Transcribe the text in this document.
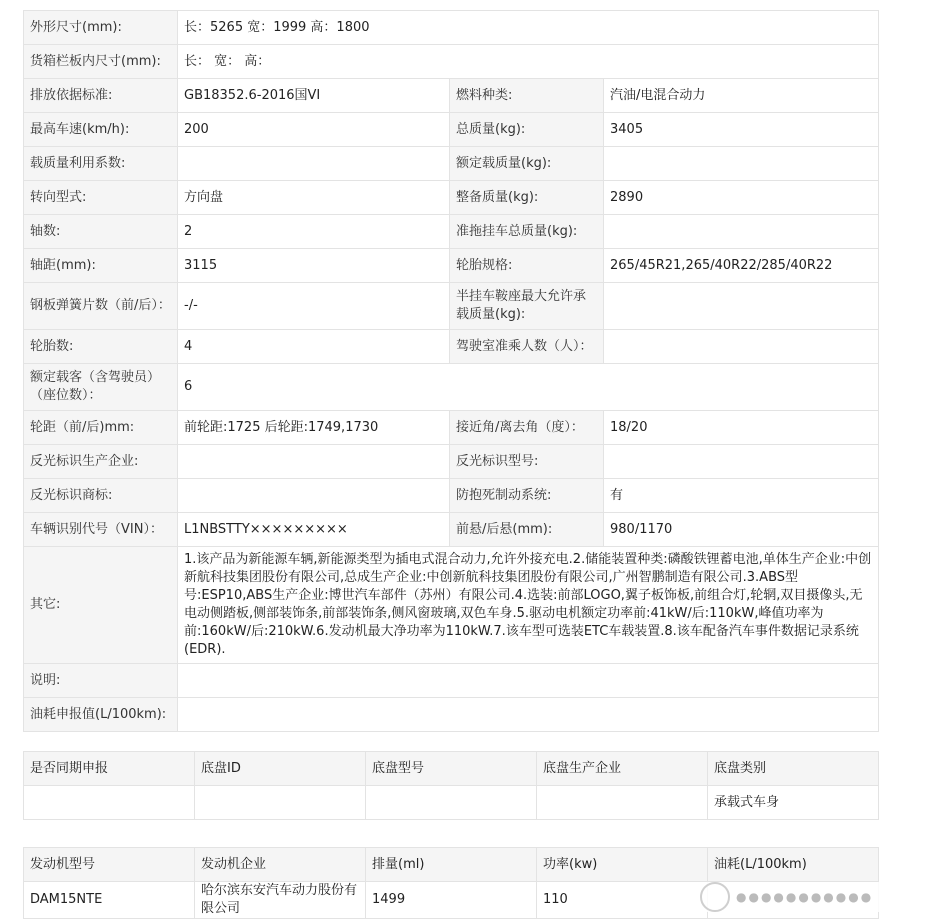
外形尺寸(mm):	长：5265 宽：1999 高：1800		
货箱栏板内尺寸(mm):	长： 宽： 高：		
排放依据标准:	GB18352.6-2016国VI	燃料种类:	汽油/电混合动力
最高车速(km/h):	200	总质量(kg):	3405
载质量利用系数:		额定载质量(kg):	
转向型式:	方向盘	整备质量(kg):	2890
轴数:	2	准拖挂车总质量(kg):	
轴距(mm):	3115	轮胎规格:	265/45R21,265/40R22/285/40R22
钢板弹簧片数（前/后）：	-/-	半挂车鞍座最大允许承载质量(kg):	
轮胎数:	4	驾驶室准乘人数（人）：	
额定载客（含驾驶员）（座位数）：	6		
轮距（前/后)mm:	前轮距:1725 后轮距:1749,1730	接近角/离去角（度）：	18/20
反光标识生产企业:		反光标识型号:	
反光标识商标:		防抱死制动系统:	有
车辆识别代号（VIN）：	L1NBSTTY×××××××××	前悬/后悬(mm):	980/1170
其它:	1.该产品为新能源车辆,新能源类型为插电式混合动力,允许外接充电.2.储能装置种类:磷酸铁锂蓄电池,单体生产企业:中创新航科技集团股份有限公司,总成生产企业:中创新航科技集团股份有限公司,广州智鹏制造有限公司.3.ABS型号:ESP10,ABS生产企业:博世汽车部件（苏州）有限公司.4.选装:前部LOGO,翼子板饰板,前组合灯,轮辋,双目摄像头,无电动侧踏板,侧部装饰条,前部装饰条,侧风窗玻璃,双色车身.5.驱动电机额定功率前:41kW/后:110kW,峰值功率为前:160kW/后:210kW.6.发动机最大净功率为110kW.7.该车型可选装ETC车载装置.8.该车配备汽车事件数据记录系统(EDR).		
说明:			
油耗申报值(L/100km):			
是否同期申报	底盘ID	底盘型号	底盘生产企业	底盘类别
				承载式车身
发动机型号	发动机企业	排量(ml)	功率(kw)	油耗(L/100km)
DAM15NTE	哈尔滨东安汽车动力股份有限公司	1499	110		●●●●●●●●●●●
